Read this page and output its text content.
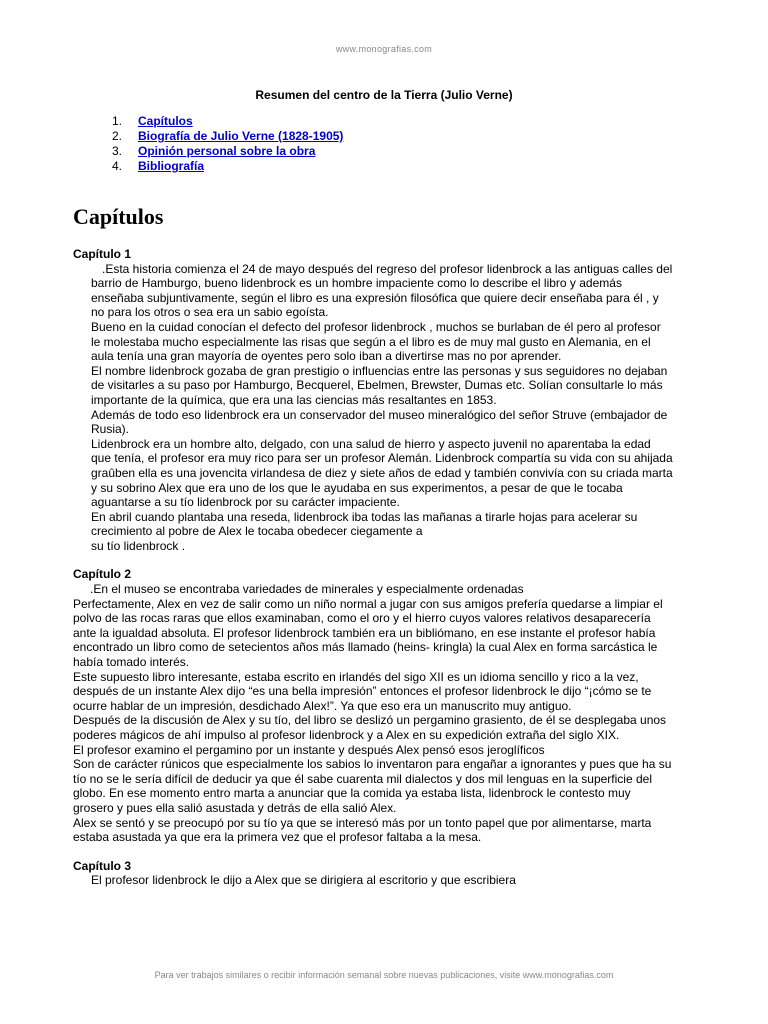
www.monografias.com
Resumen del centro de la Tierra (Julio Verne)
1.	Capítulos
2.	Biografía de Julio Verne (1828-1905)
3.	Opinión personal sobre la obra
4.	Bibliografía
Capítulos

Capítulo 1

.Esta historia comienza el 24 de mayo después del regreso del profesor lidenbrock a las antiguas calles del barrio de Hamburgo, bueno lidenbrock es un hombre impaciente como lo describe el libro y además enseñaba subjuntivamente, según el libro es una expresión filosófica que quiere decir enseñaba para él , y no para los otros o sea era un sabio egoísta.

Bueno en la cuidad conocían el defecto del profesor lidenbrock , muchos se burlaban de él pero al profesor le molestaba mucho especialmente las risas que según a el libro es de muy mal gusto en Alemania, en el aula tenía una gran mayoría de oyentes pero solo iban a divertirse mas no por aprender.

El nombre lidenbrock gozaba de gran prestigio o influencias entre las personas y sus seguidores no dejaban de visitarles a su paso por Hamburgo, Becquerel, Ebelmen, Brewster, Dumas etc. Solían consultarle lo más importante de la química, que era una las ciencias más resaltantes en 1853.

Además de todo eso lidenbrock era un conservador del museo mineralógico del señor Struve (embajador de Rusia).

Lidenbrock era un hombre alto, delgado, con una salud de hierro y aspecto juvenil no aparentaba la edad que tenía, el profesor era muy rico para ser un profesor Alemán. Lidenbrock compartía su vida con su ahijada graûben ella es una jovencita virlandesa de diez y siete años de edad y también convivía con su criada marta y su sobrino Alex que era uno de los que le ayudaba en sus experimentos, a pesar de que le tocaba aguantarse a su tío lidenbrock por su carácter impaciente.

En abril cuando plantaba una reseda, lidenbrock iba todas las mañanas a tirarle hojas para acelerar su crecimiento al pobre de Alex le tocaba obedecer ciegamente a

su tío lidenbrock .

Capítulo 2

.En el museo se encontraba variedades de minerales y especialmente ordenadas

Perfectamente, Alex en vez de salir como un niño normal a jugar con sus amigos prefería quedarse a limpiar el polvo de las rocas raras que ellos examinaban, como el oro y el hierro cuyos valores relativos desaparecería ante la igualdad absoluta. El profesor lidenbrock también era un bibliómano, en ese instante el profesor había encontrado un libro como de setecientos años más llamado (heins- kringla) la cual Alex en forma sarcástica le había tomado interés.

Este supuesto libro interesante, estaba escrito en irlandés del sigo XII es un idioma sencillo y rico a la vez, después de un instante Alex dijo “es una bella impresión” entonces el profesor lidenbrock le dijo “¡cómo se te ocurre hablar de un impresión, desdichado Alex!”. Ya que eso era un manuscrito muy antiguo.

Después de la discusión de Alex y su tío, del libro se deslizó un pergamino grasiento, de él se desplegaba unos poderes mágicos de ahí impulso al profesor lidenbrock y a Alex en su expedición extraña del siglo XIX.

El profesor examino el pergamino por un instante y después Alex pensó esos jeroglíficos

Son de carácter rúnicos que especialmente los sabios lo inventaron para engañar a ignorantes y pues que ha su tío no se le sería difícil de deducir ya que él sabe cuarenta mil dialectos y dos mil lenguas en la superficie del globo. En ese momento entro marta a anunciar que la comida ya estaba lista, lidenbrock le contesto muy grosero y pues ella salió asustada y detrás de ella salió Alex.

Alex se sentó y se preocupó por su tío ya que se interesó más por un tonto papel que por alimentarse, marta estaba asustada ya que era la primera vez que el profesor faltaba a la mesa.

Capítulo 3

El profesor lidenbrock le dijo a Alex que se dirigiera al escritorio y que escribiera

Para ver trabajos similares o recibir información semanal sobre nuevas publicaciones, visite www.monografias.com
